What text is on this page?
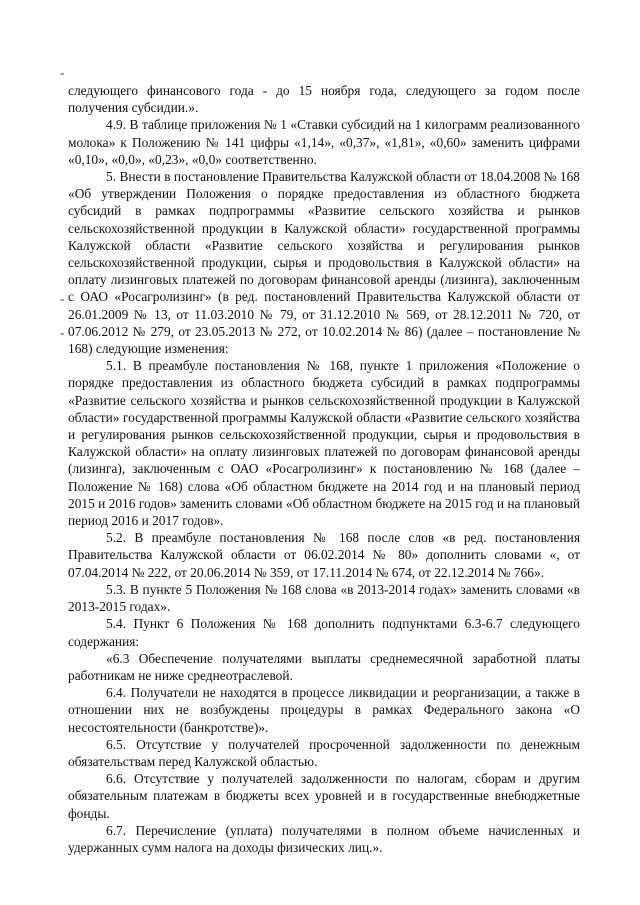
-
-
-

следующего финансового года - до 15 ноября года, следующего за годом после получения субсидии.».

4.9. В таблице приложения № 1 «Ставки субсидий на 1 килограмм реализованного молока» к Положению № 141 цифры «1,14», «0,37», «1,81», «0,60» заменить цифрами «0,10», «0,0», «0,23», «0,0» соответственно.

5. Внести в постановление Правительства Калужской области от 18.04.2008 № 168 «Об утверждении Положения о порядке предоставления из областного бюджета субсидий в рамках подпрограммы «Развитие сельского хозяйства и рынков сельскохозяйственной продукции в Калужской области» государственной программы Калужской области «Развитие сельского хозяйства и регулирования рынков сельскохозяйственной продукции, сырья и продовольствия в Калужской области» на оплату лизинговых платежей по договорам финансовой аренды (лизинга), заключенным с ОАО «Росагролизинг» (в ред. постановлений Правительства Калужской области от 26.01.2009 № 13, от 11.03.2010 № 79, от 31.12.2010 № 569, от 28.12.2011 № 720, от 07.06.2012 № 279, от 23.05.2013 № 272, от 10.02.2014 № 86) (далее – постановление № 168) следующие изменения:

5.1. В преамбуле постановления № 168, пункте 1 приложения «Положение о порядке предоставления из областного бюджета субсидий в рамках подпрограммы «Развитие сельского хозяйства и рынков сельскохозяйственной продукции в Калужской области» государственной программы Калужской области «Развитие сельского хозяйства и регулирования рынков сельскохозяйственной продукции, сырья и продовольствия в Калужской области» на оплату лизинговых платежей по договорам финансовой аренды (лизинга), заключенным с ОАО «Росагролизинг» к постановлению № 168 (далее – Положение № 168) слова «Об областном бюджете на 2014 год и на плановый период 2015 и 2016 годов» заменить словами «Об областном бюджете на 2015 год и на плановый период 2016 и 2017 годов».

5.2. В преамбуле постановления № 168 после слов «в ред. постановления Правительства Калужской области от 06.02.2014 № 80» дополнить словами «, от 07.04.2014 № 222, от 20.06.2014 № 359, от 17.11.2014 № 674, от 22.12.2014 № 766».

5.3. В пункте 5 Положения № 168 слова «в 2013-2014 годах» заменить словами «в 2013-2015 годах».

5.4. Пункт 6 Положения № 168 дополнить подпунктами 6.3-6.7 следующего содержания:

«6.3 Обеспечение получателями выплаты среднемесячной заработной платы работникам не ниже среднеотраслевой.

6.4. Получатели не находятся в процессе ликвидации и реорганизации, а также в отношении них не возбуждены процедуры в рамках Федерального закона «О несостоятельности (банкротстве)».

6.5. Отсутствие у получателей просроченной задолженности по денежным обязательствам перед Калужской областью.

6.6. Отсутствие у получателей задолженности по налогам, сборам и другим обязательным платежам в бюджеты всех уровней и в государственные внебюджетные фонды.

6.7. Перечисление (уплата) получателями в полном объеме начисленных и удержанных сумм налога на доходы физических лиц.».
